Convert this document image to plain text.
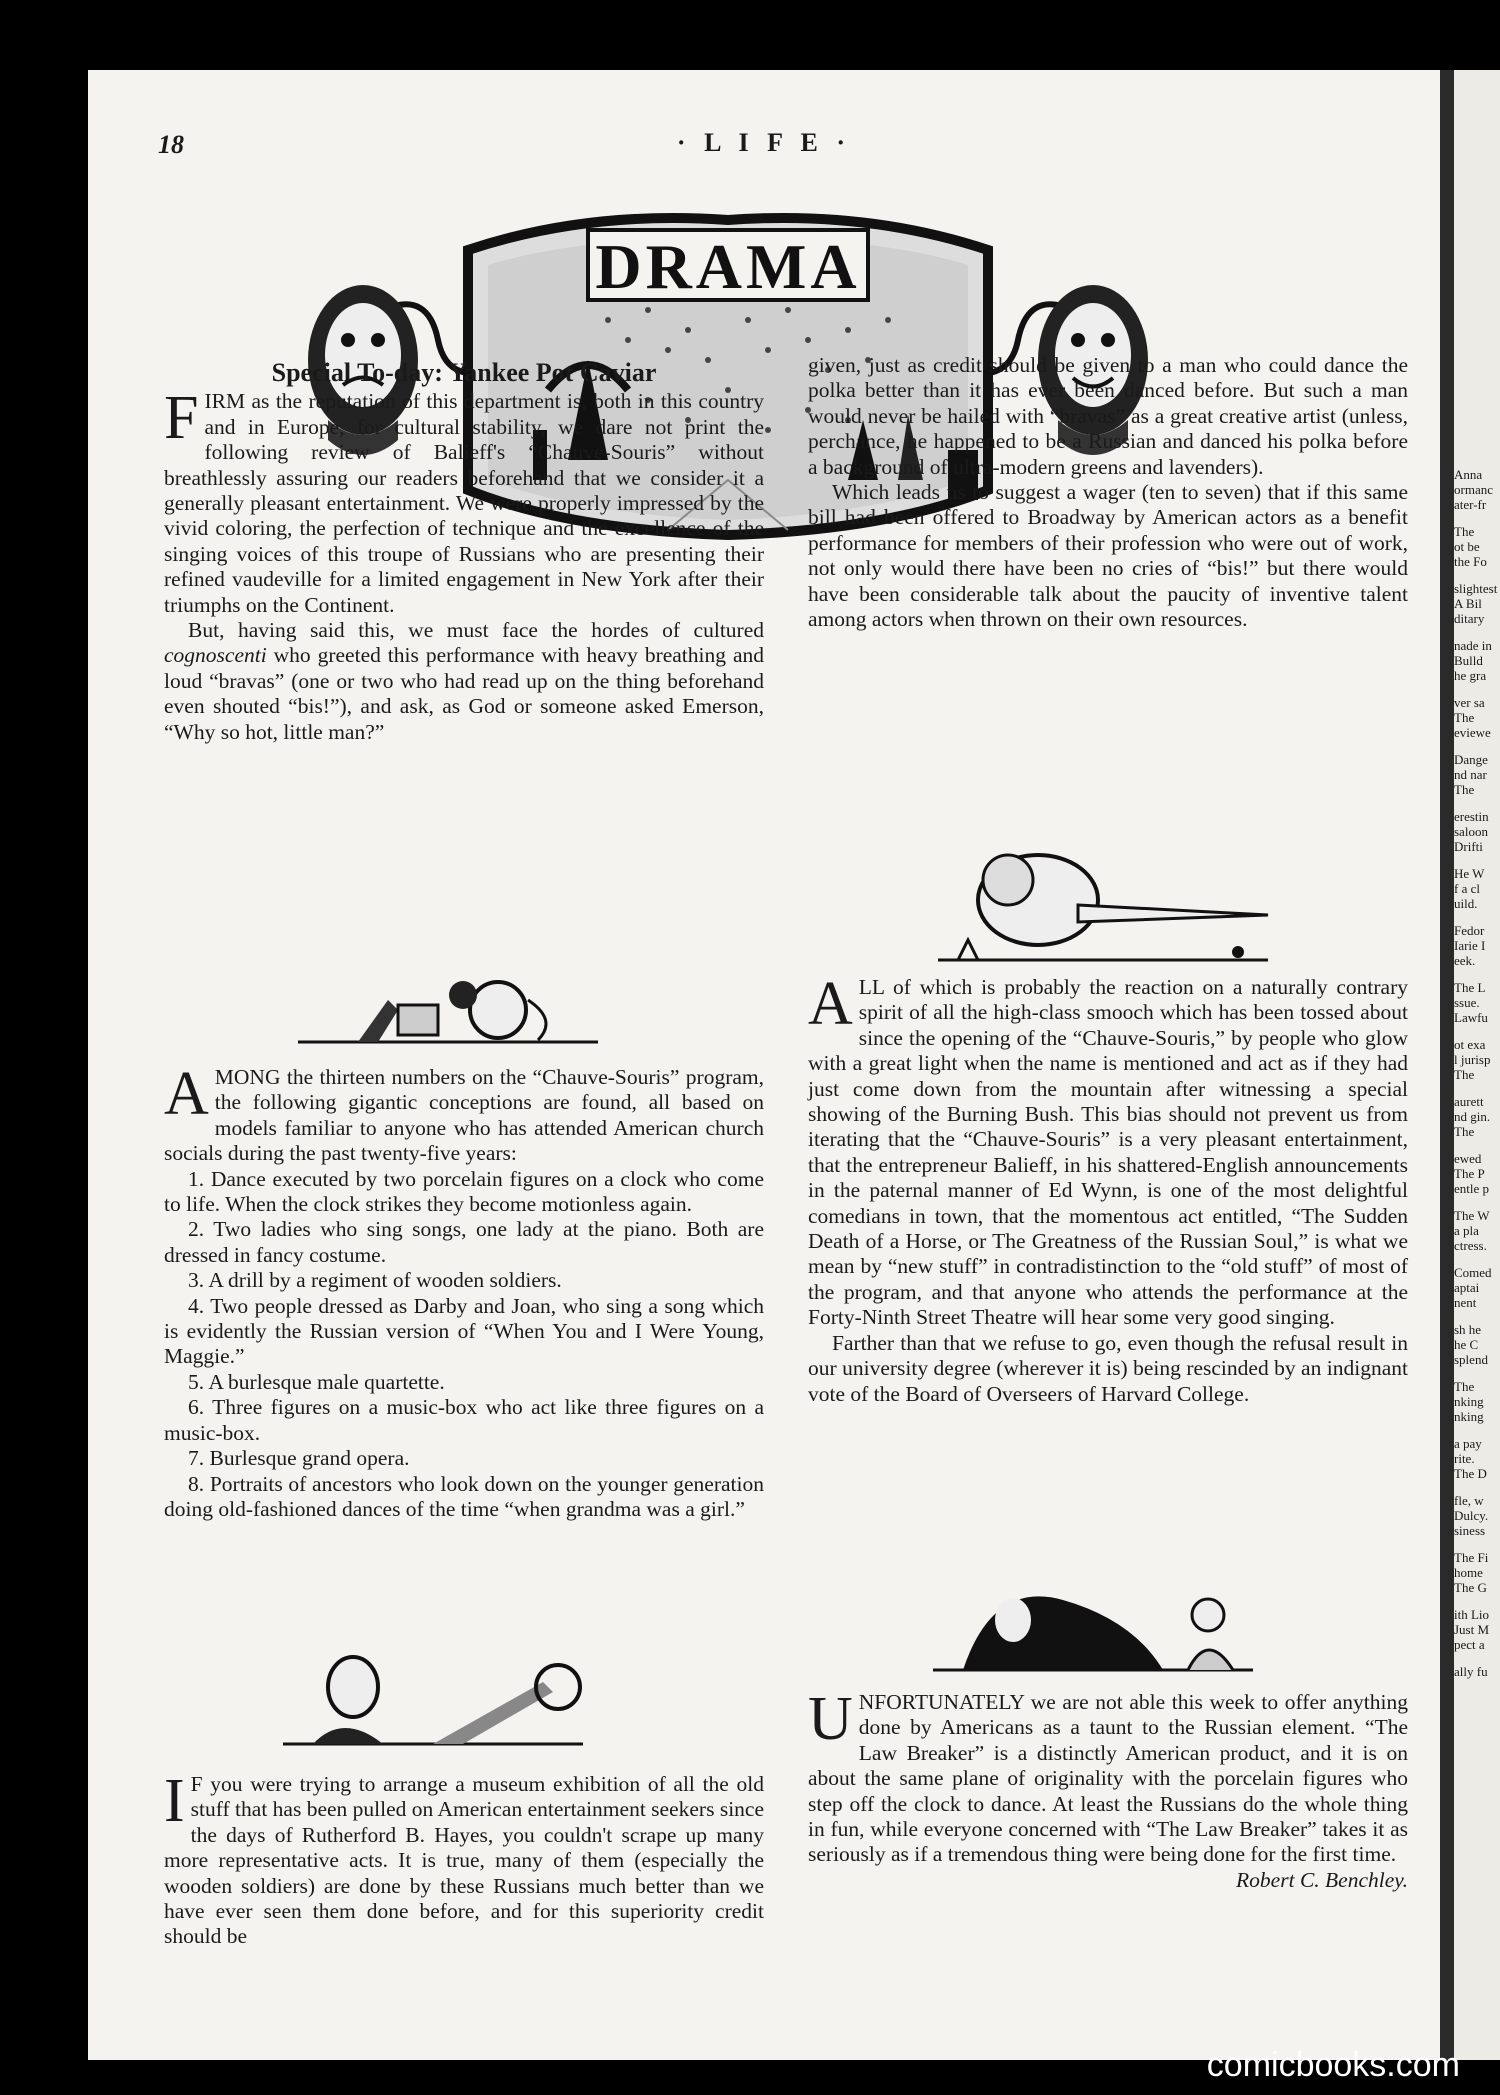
18	· L I F E ·
DRAMA
Special To-day: Yankee Pot Caviar

FIRM as the reputation of this department is, both in this country and in Europe, for cultural stability, we dare not print the following review of Balieff's “Chauve-Souris” without breathlessly assuring our readers beforehand that we consider it a generally pleasant entertainment. We were properly impressed by the vivid coloring, the perfection of technique and the excellence of the singing voices of this troupe of Russians who are presenting their refined vaudeville for a limited engagement in New York after their triumphs on the Continent.

But, having said this, we must face the hordes of cultured cognoscenti who greeted this performance with heavy breathing and loud “bravas” (one or two who had read up on the thing beforehand even shouted “bis!”), and ask, as God or someone asked Emerson, “Why so hot, little man?”

AMONG the thirteen numbers on the “Chauve-Souris” program, the following gigantic conceptions are found, all based on models familiar to anyone who has attended American church socials during the past twenty-five years:

1. Dance executed by two porcelain figures on a clock who come to life. When the clock strikes they become motionless again.

2. Two ladies who sing songs, one lady at the piano. Both are dressed in fancy costume.

3. A drill by a regiment of wooden soldiers.

4. Two people dressed as Darby and Joan, who sing a song which is evidently the Russian version of “When You and I Were Young, Maggie.”

5. A burlesque male quartette.

6. Three figures on a music-box who act like three figures on a music-box.

7. Burlesque grand opera.

8. Portraits of ancestors who look down on the younger generation doing old-fashioned dances of the time “when grandma was a girl.”

I F you were trying to arrange a museum exhibition of all the old stuff that has been pulled on American entertainment seekers since the days of Rutherford B. Hayes, you couldn't scrape up many more representative acts. It is true, many of them (especially the wooden soldiers) are done by these Russians much better than we have ever seen them done before, and for this superiority credit should be

given, just as credit should be given to a man who could dance the polka better than it has ever been danced before. But such a man would never be hailed with “bravas” as a great creative artist (unless, perchance, he happened to be a Russian and danced his polka before a background of ultra-modern greens and lavenders).

Which leads us to suggest a wager (ten to seven) that if this same bill had been offered to Broadway by American actors as a benefit performance for members of their profession who were out of work, not only would there have been no cries of “bis!” but there would have been considerable talk about the paucity of inventive talent among actors when thrown on their own resources.

ALL of which is probably the reaction on a naturally contrary spirit of all the high-class smooch which has been tossed about since the opening of the “Chauve-Souris,” by people who glow with a great light when the name is mentioned and act as if they had just come down from the mountain after witnessing a special showing of the Burning Bush. This bias should not prevent us from iterating that the “Chauve-Souris” is a very pleasant entertainment, that the entrepreneur Balieff, in his shattered-English announcements in the paternal manner of Ed Wynn, is one of the most delightful comedians in town, that the momentous act entitled, “The Sudden Death of a Horse, or The Greatness of the Russian Soul,” is what we mean by “new stuff” in contradistinction to the “old stuff” of most of the program, and that anyone who attends the performance at the Forty-Ninth Street Theatre will hear some very good singing.

Farther than that we refuse to go, even though the refusal result in our university degree (wherever it is) being rescinded by an indignant vote of the Board of Overseers of Harvard College.

UNFORTUNATELY we are not able this week to offer anything done by Americans as a taunt to the Russian element. “The Law Breaker” is a distinctly American product, and it is on about the same plane of originality with the porcelain figures who step off the clock to dance. At least the Russians do the whole thing in fun, while everyone concerned with “The Law Breaker” takes it as seriously as if a tremendous thing were being done for the first time.
Robert C. Benchley.

Anna
ormanc
ater-fr
The
ot be
the Fo
slightest
A Bil
ditary
nade in
Bulld
he gra
ver sa
The
eviewe
Dange
nd nar
The
erestin
saloon
Drifti
He W
f a cl
uild.
Fedor
Iarie I
eek.
The L
ssue.
Lawfu
ot exa
l jurisp
The
aurett
nd gin.
The
ewed
The P
entle p
The W
a pla
ctress.
Comed
aptai
nent
sh he
he C
splend
The
nking
nking
a pay
rite.
The D
fle, w
Dulcy.
siness
The Fi
home
The G
ith Lio
Just M
pect a
ally fu
comicbooks.com
